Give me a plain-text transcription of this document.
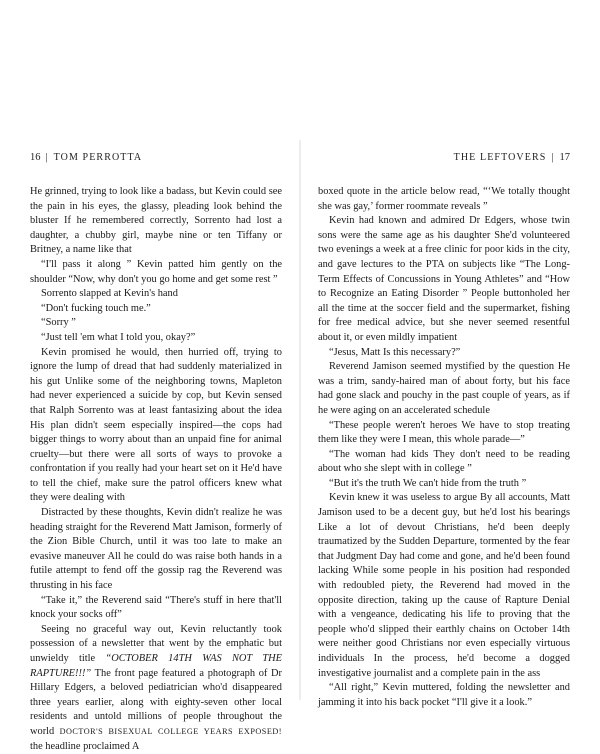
16 | TOM PERROTTA

He grinned, trying to look like a badass, but Kevin could see the pain in his eyes, the glassy, pleading look behind the bluster If he remembered correctly, Sorrento had lost a daughter, a chubby girl, maybe nine or ten Tiffany or Britney, a name like that

“I'll pass it along ” Kevin patted him gently on the shoulder “Now, why don't you go home and get some rest ”

Sorrento slapped at Kevin's hand

“Don't fucking touch me.”

“Sorry ”

“Just tell 'em what I told you, okay?”

Kevin promised he would, then hurried off, trying to ignore the lump of dread that had suddenly materialized in his gut Unlike some of the neighboring towns, Mapleton had never experienced a suicide by cop, but Kevin sensed that Ralph Sorrento was at least fantasizing about the idea His plan didn't seem especially inspired—the cops had bigger things to worry about than an unpaid fine for animal cruelty—but there were all sorts of ways to provoke a confrontation if you really had your heart set on it He'd have to tell the chief, make sure the patrol officers knew what they were dealing with

Distracted by these thoughts, Kevin didn't realize he was heading straight for the Reverend Matt Jamison, formerly of the Zion Bible Church, until it was too late to make an evasive maneuver All he could do was raise both hands in a futile attempt to fend off the gossip rag the Reverend was thrusting in his face

“Take it,” the Reverend said “There's stuff in here that'll knock your socks off”

Seeing no graceful way out, Kevin reluctantly took possession of a newsletter that went by the emphatic but unwieldy title “OCTOBER 14TH WAS NOT THE RAPTURE!!!” The front page featured a photograph of Dr Hillary Edgers, a beloved pediatrician who'd disappeared three years earlier, along with eighty-seven other local residents and untold millions of people throughout the world DOCTOR'S BISEXUAL COLLEGE YEARS EXPOSED! the headline proclaimed A

THE LEFTOVERS | 17

boxed quote in the article below read, “‘We totally thought she was gay,’ former roommate reveals ”

Kevin had known and admired Dr Edgers, whose twin sons were the same age as his daughter She'd volunteered two evenings a week at a free clinic for poor kids in the city, and gave lectures to the PTA on subjects like “The Long-Term Effects of Concussions in Young Athletes” and “How to Recognize an Eating Disorder ” People buttonholed her all the time at the soccer field and the supermarket, fishing for free medical advice, but she never seemed resentful about it, or even mildly impatient

“Jesus, Matt Is this necessary?”

Reverend Jamison seemed mystified by the question He was a trim, sandy-haired man of about forty, but his face had gone slack and pouchy in the past couple of years, as if he were aging on an accelerated schedule

“These people weren't heroes We have to stop treating them like they were I mean, this whole parade—”

“The woman had kids They don't need to be reading about who she slept with in college ”

“But it's the truth We can't hide from the truth ”

Kevin knew it was useless to argue By all accounts, Matt Jamison used to be a decent guy, but he'd lost his bearings Like a lot of devout Christians, he'd been deeply traumatized by the Sudden Departure, tormented by the fear that Judgment Day had come and gone, and he'd been found lacking While some people in his position had responded with redoubled piety, the Reverend had moved in the opposite direction, taking up the cause of Rapture Denial with a vengeance, dedicating his life to proving that the people who'd slipped their earthly chains on October 14th were neither good Christians nor even especially virtuous individuals In the process, he'd become a dogged investigative journalist and a complete pain in the ass

“All right,” Kevin muttered, folding the newsletter and jamming it into his back pocket “I'll give it a look.”
